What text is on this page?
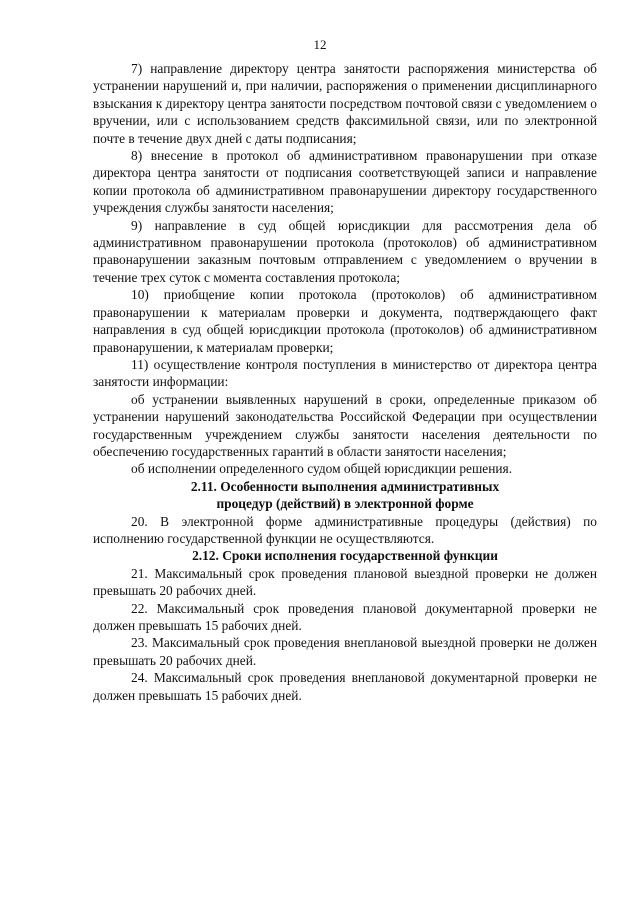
12

7) направление директору центра занятости распоряжения министерства об устранении нарушений и, при наличии, распоряжения о применении дисциплинарного взыскания к директору центра занятости посредством почтовой связи с уведомлением о вручении, или с использованием средств факсимильной связи, или по электронной почте в течение двух дней с даты подписания;

8) внесение в протокол об административном правонарушении при отказе директора центра занятости от подписания соответствующей записи и направление копии протокола об административном правонарушении директору государственного учреждения службы занятости населения;

9) направление в суд общей юрисдикции для рассмотрения дела об административном правонарушении протокола (протоколов) об административном правонарушении заказным почтовым отправлением с уведомлением о вручении в течение трех суток с момента составления протокола;

10) приобщение копии протокола (протоколов) об административном правонарушении к материалам проверки и документа, подтверждающего факт направления в суд общей юрисдикции протокола (протоколов) об административном правонарушении, к материалам проверки;

11) осуществление контроля поступления в министерство от директора центра занятости информации:

об устранении выявленных нарушений в сроки, определенные приказом об устранении нарушений законодательства Российской Федерации при осуществлении государственным учреждением службы занятости населения деятельности по обеспечению государственных гарантий в области занятости населения;

об исполнении определенного судом общей юрисдикции решения.

2.11. Особенности выполнения административных
процедур (действий) в электронной форме

20. В электронной форме административные процедуры (действия) по исполнению государственной функции не осуществляются.

2.12. Сроки исполнения государственной функции

21. Максимальный срок проведения плановой выездной проверки не должен превышать 20 рабочих дней.

22. Максимальный срок проведения плановой документарной проверки не должен превышать 15 рабочих дней.

23. Максимальный срок проведения внеплановой выездной проверки не должен превышать 20 рабочих дней.

24. Максимальный срок проведения внеплановой документарной проверки не должен превышать 15 рабочих дней.
